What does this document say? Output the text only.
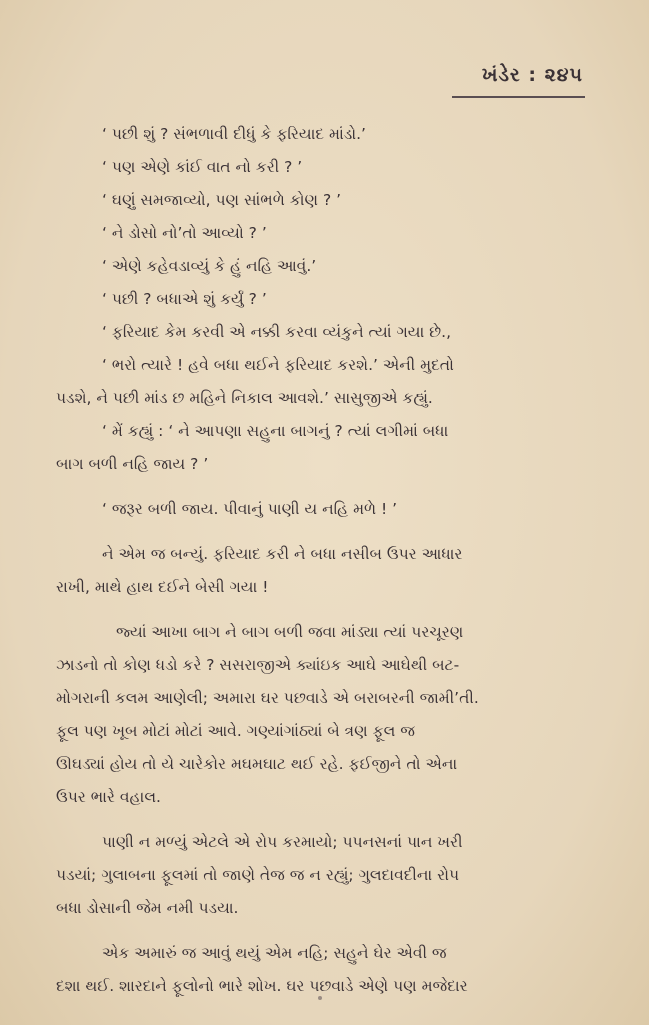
ખંડેર : ૨૪૫
‘ પછી શું ? સંભળાવી દીધું કે ફરિયાદ માંડો.’
‘ પણ એણે કાંઈ વાત નો કરી ? ’
‘ ઘણું સમજાવ્યો, પણ સાંભળે કોણ ? ’
‘ ને ડોસો નો’તો આવ્યો ? ’
‘ એણે કહેવડાવ્યું કે હું નહિ આવું.’
‘ પછી ? બધાએ શું કર્યું ? ’
‘ ફરિયાદ કેમ કરવી એ નક્કી કરવા વ્યંકુને ત્યાં ગયા છે.,
‘ ભરો ત્યારે ! હવે બધા થઈને ફરિયાદ કરશે.’ એની મુદતો
પડશે, ને પછી માંડ છ મહિને નિકાલ આવશે.’ સાસુજીએ કહ્યું.
‘ મેં કહ્યું : ‘ ને આપણા સહુના બાગનું ? ત્યાં લગીમાં બધા
બાગ બળી નહિ જાય ? ’
‘ જરૂર બળી જાય. પીવાનું પાણી ય નહિ મળે ! ’
ને એમ જ બન્યું. ફરિયાદ કરી ને બધા નસીબ ઉપર આધાર
રાખી, માથે હાથ દઈને બેસી ગયા !
જ્યાં આખા બાગ ને બાગ બળી જવા માંડ્યા ત્યાં પરચૂરણ
ઝાડનો તો કોણ ધડો કરે ? સસરાજીએ ક્યાંઇક આઘે આઘેથી બટ-
મોગરાની કલમ આણેલી; અમારા ઘર પછવાડે એ બરાબરની જામી’તી.
ફૂલ પણ ખૂબ મોટાં મોટાં આવે. ગણ્યાંગાંઠ્યાં બે ત્રણ ફૂલ જ
ઊઘડ્યાં હોય તો યે ચારેકોર મઘમઘાટ થઈ રહે. ફઈજીને તો એના
ઉપર ભારે વહાલ.
પાણી ન મળ્યું એટલે એ રોપ કરમાયો; પપનસનાં પાન ખરી
પડયાં; ગુલાબના ફૂલમાં તો જાણે તેજ જ ન રહ્યું; ગુલદાવદીના રોપ
બધા ડોસાની જેમ નમી પડયા.
એક અમારું જ આવું થયું એમ નહિ; સહુને ઘેર એવી જ
દશા થઈ. શારદાને ફૂલોનો ભારે શોખ. ઘર પછવાડે એણે પણ મજેદાર
